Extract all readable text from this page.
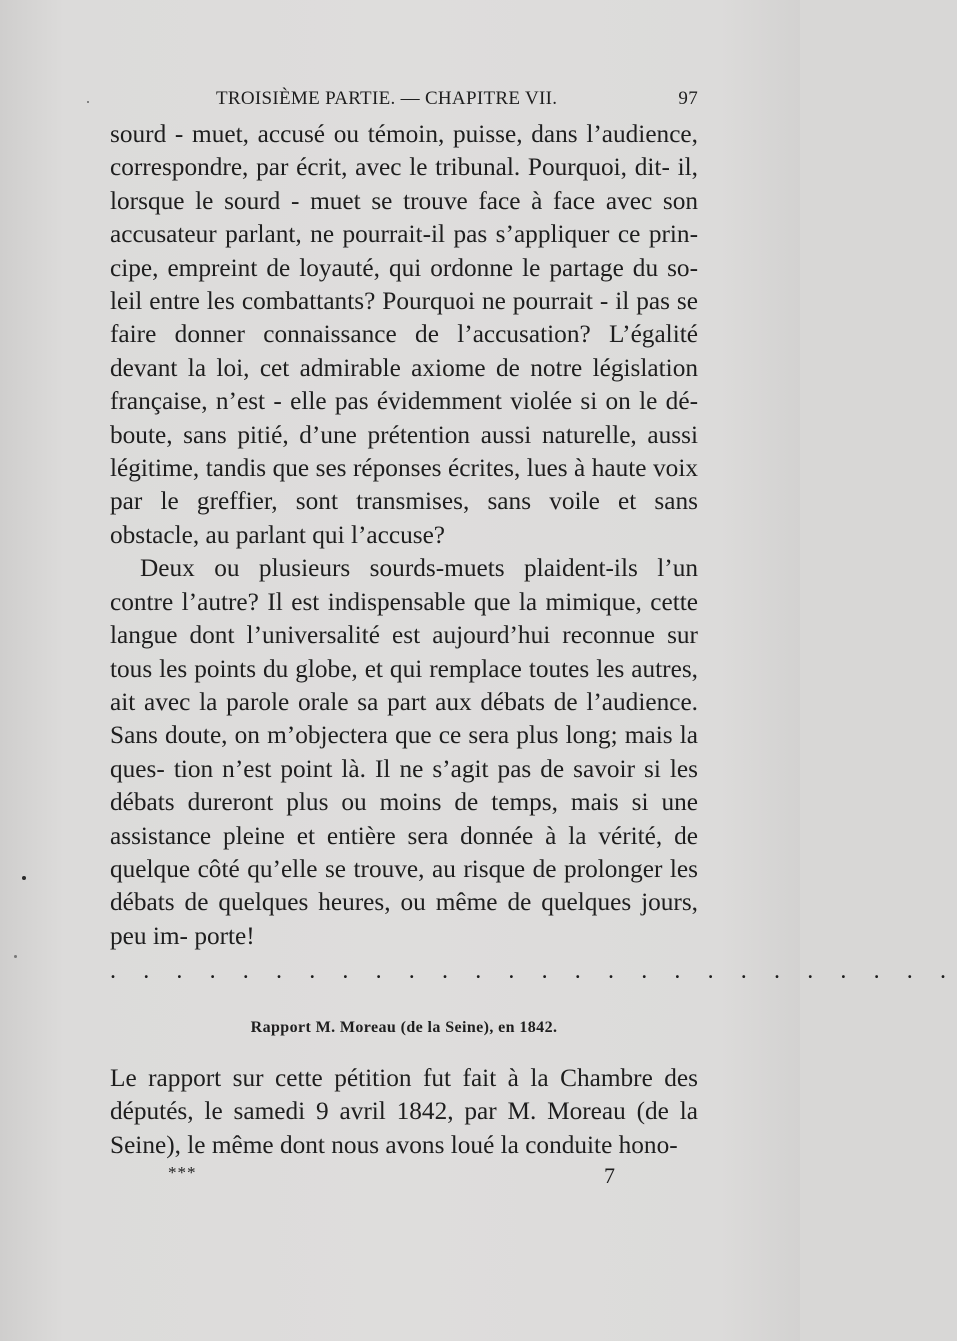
TROISIÈME PARTIE. — CHAPITRE VII.	97

sourd - muet, accusé ou témoin, puisse, dans l’audience, correspondre, par écrit, avec le tribunal. Pourquoi, dit- il, lorsque le sourd - muet se trouve face à face avec son accusateur parlant, ne pourrait-il pas s’appliquer ce prin- cipe, empreint de loyauté, qui ordonne le partage du so- leil entre les combattants? Pourquoi ne pourrait - il pas se faire donner connaissance de l’accusation? L’égalité devant la loi, cet admirable axiome de notre législation française, n’est - elle pas évidemment violée si on le dé- boute, sans pitié, d’une prétention aussi naturelle, aussi légitime, tandis que ses réponses écrites, lues à haute voix par le greffier, sont transmises, sans voile et sans obstacle, au parlant qui l’accuse?

Deux ou plusieurs sourds-muets plaident-ils l’un contre l’autre? Il est indispensable que la mimique, cette langue dont l’universalité est aujourd’hui reconnue sur tous les points du globe, et qui remplace toutes les autres, ait avec la parole orale sa part aux débats de l’audience. Sans doute, on m’objectera que ce sera plus long; mais la ques- tion n’est point là. Il ne s’agit pas de savoir si les débats dureront plus ou moins de temps, mais si une assistance pleine et entière sera donnée à la vérité, de quelque côté qu’elle se trouve, au risque de prolonger les débats de quelques heures, ou même de quelques jours, peu im- porte!

. . . . . . . . . . . . . . . . . . . . . . . . . .
Rapport M. Moreau (de la Seine), en 1842.

Le rapport sur cette pétition fut fait à la Chambre des députés, le samedi 9 avril 1842, par M. Moreau (de la Seine), le même dont nous avons loué la conduite hono-

***	7
